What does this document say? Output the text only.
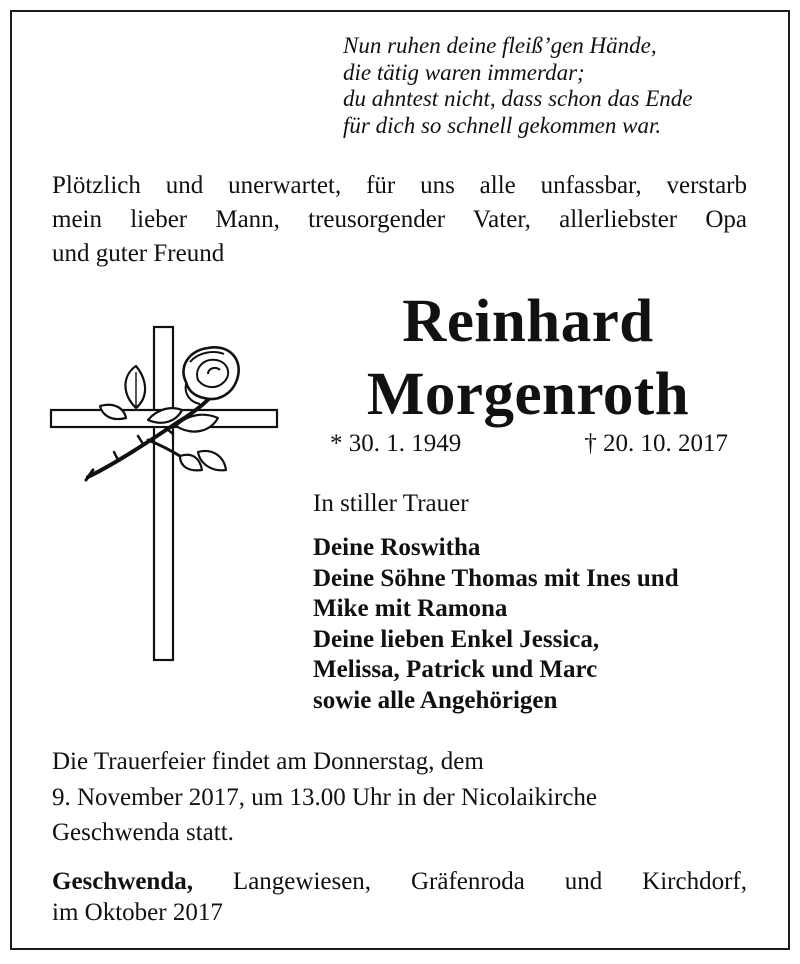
Nun ruhen deine fleiß’gen Hände,
die tätig waren immerdar;
du ahntest nicht, dass schon das Ende
für dich so schnell gekommen war.
Plötzlich und unerwartet, für uns alle unfassbar, verstarb
mein lieber Mann, treusorgender Vater, allerliebster Opa
und guter Freund
Reinhard
Morgenroth
* 30. 1. 1949	† 20. 10. 2017
In stiller Trauer
Deine Roswitha
Deine Söhne Thomas mit Ines und
Mike mit Ramona
Deine lieben Enkel Jessica,
Melissa, Patrick und Marc
sowie alle Angehörigen
Die Trauerfeier findet am Donnerstag, dem
9. November 2017, um 13.00 Uhr in der Nicolaikirche
Geschwenda statt.
Geschwenda, Langewiesen, Gräfenroda und Kirchdorf,
im Oktober 2017
